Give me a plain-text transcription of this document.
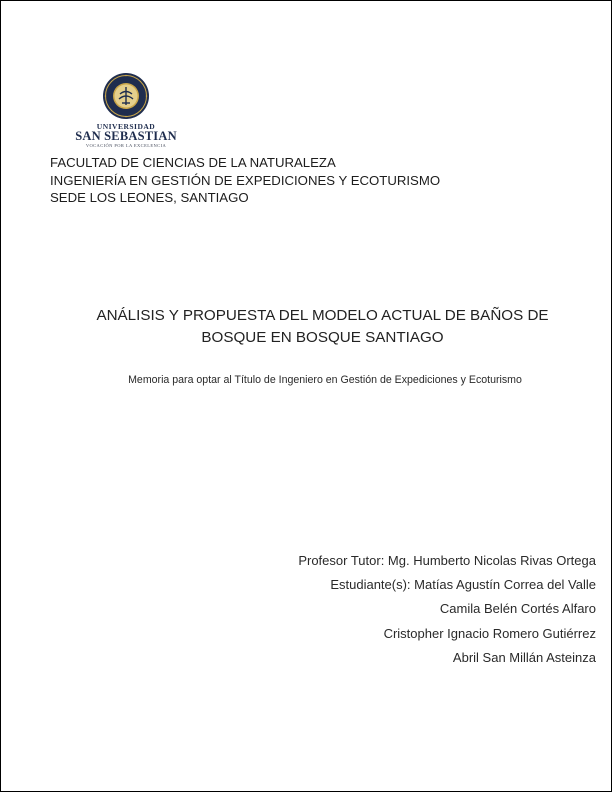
UNIVERSIDAD
SAN SEBASTIAN
VOCACIÓN POR LA EXCELENCIA
FACULTAD DE CIENCIAS DE LA NATURALEZA
INGENIERÍA EN GESTIÓN DE EXPEDICIONES Y ECOTURISMO
SEDE LOS LEONES, SANTIAGO
ANÁLISIS Y PROPUESTA DEL MODELO ACTUAL DE BAÑOS DE
BOSQUE EN BOSQUE SANTIAGO
Memoria para optar al Título de Ingeniero en Gestión de Expediciones y Ecoturismo
Profesor Tutor: Mg. Humberto Nicolas Rivas Ortega
Estudiante(s): Matías Agustín Correa del Valle
Camila Belén Cortés Alfaro
Cristopher Ignacio Romero Gutiérrez
Abril San Millán Asteinza
